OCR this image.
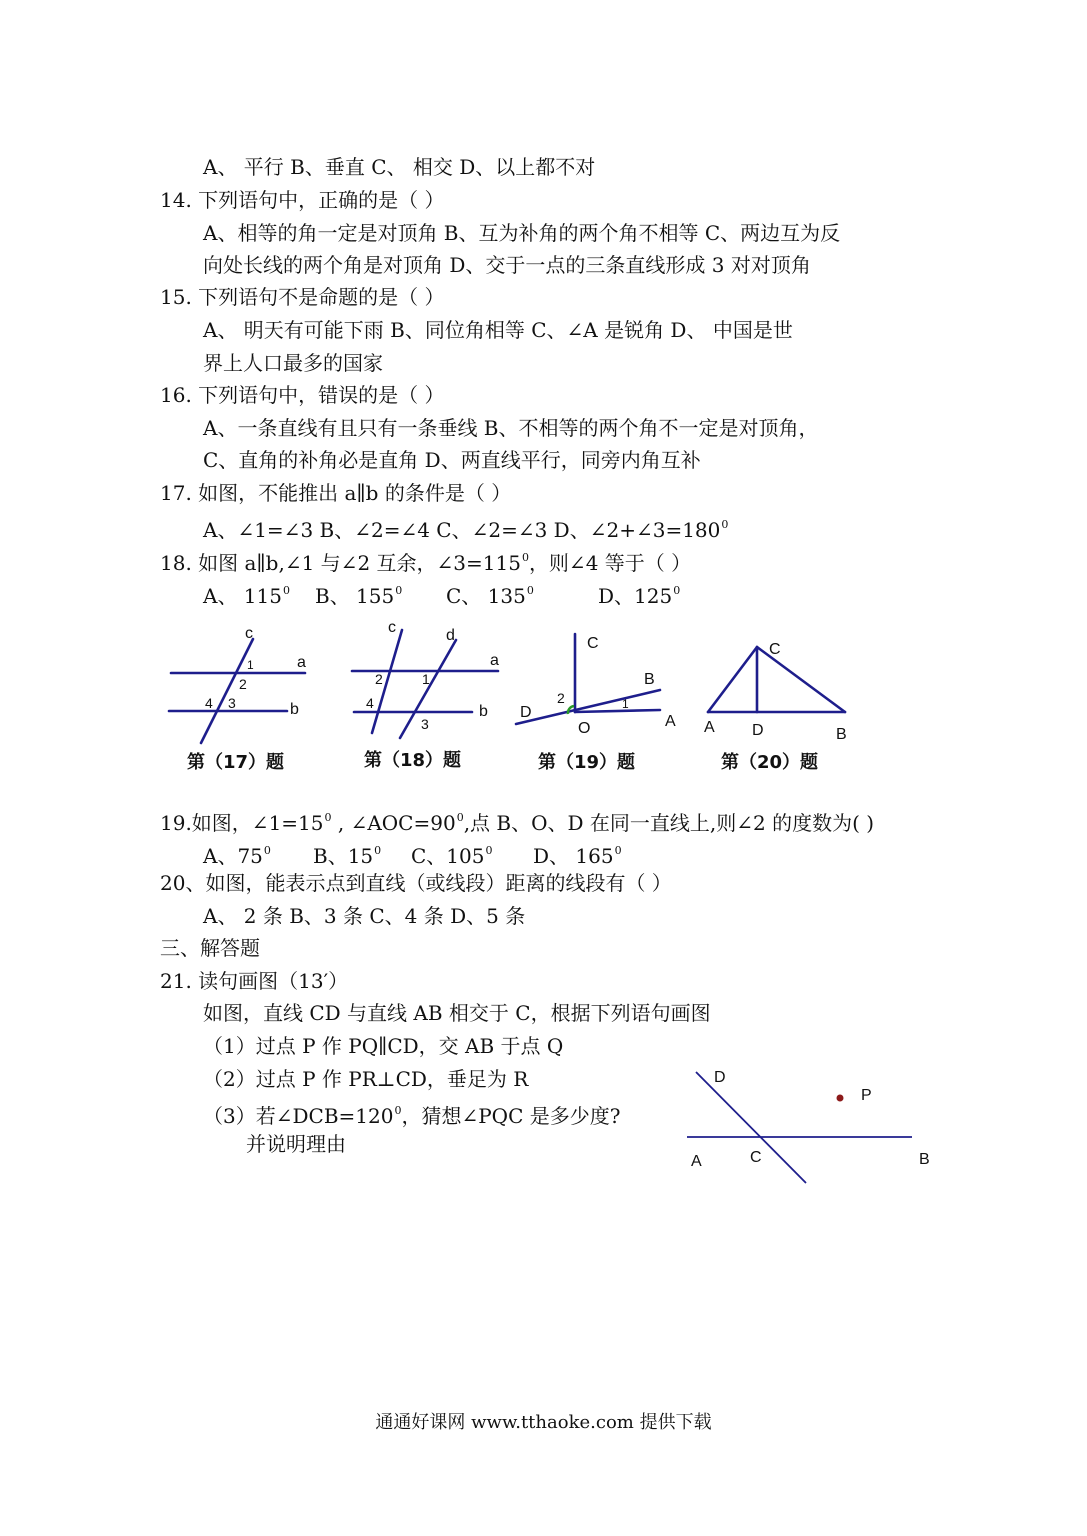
A、 平行 B、垂直 C、 相交 D、以上都不对
14. 下列语句中，正确的是（ ）
A、相等的角一定是对顶角 B、互为补角的两个角不相等 C、两边互为反
向处长线的两个角是对顶角 D、交于一点的三条直线形成 3 对对顶角
15. 下列语句不是命题的是（ ）
A、 明天有可能下雨 B、同位角相等 C、∠A 是锐角 D、 中国是世
界上人口最多的国家
16. 下列语句中，错误的是（ ）
A、一条直线有且只有一条垂线 B、不相等的两个角不一定是对顶角，
C、直角的补角必是直角 D、两直线平行，同旁内角互补
17. 如图，不能推出 a∥b 的条件是（ ）
A、∠1=∠3 B、∠2=∠4 C、∠2=∠3 D、$\angle 2+\angle 3=180^0$
18. 如图 a∥b,∠1 与∠2 互余，$\angle 3=115^0$，则∠4 等于（ ）
A、 $115^0$ B、 $155^0$ C、 $135^0$	D、$125^0$
c
a
b
1
2
3
4
第（17）题
c	d
a
b
1
2
3
4
第（18）题
C
B
D
O	A
1
2
第（19）题
C
A D	B
第（20）题
19.如图，$\angle 1=15^0$ , $\angle AOC=90^0$,点 B、O、D 在同一直线上,则∠2 的度数为( )
A、$75^0$ B、$15^0$ C、$105^0$ D、 $165^0$
20、如图，能表示点到直线（或线段）距离的线段有（ ）
A、 2 条 B、3 条 C、4 条 D、5 条
三、解答题
21. 读句画图（13′）
如图，直线 CD 与直线 AB 相交于 C，根据下列语句画图
（1）过点 P 作 PQ∥CD，交 AB 于点 Q
（2）过点 P 作 PR⊥CD，垂足为 R
（3）若$\angle DCB=120^0$，猜想∠PQC 是多少度?
并说明理由
D
P
A	C	B
通通好课网 www.tthaoke.com 提供下载
